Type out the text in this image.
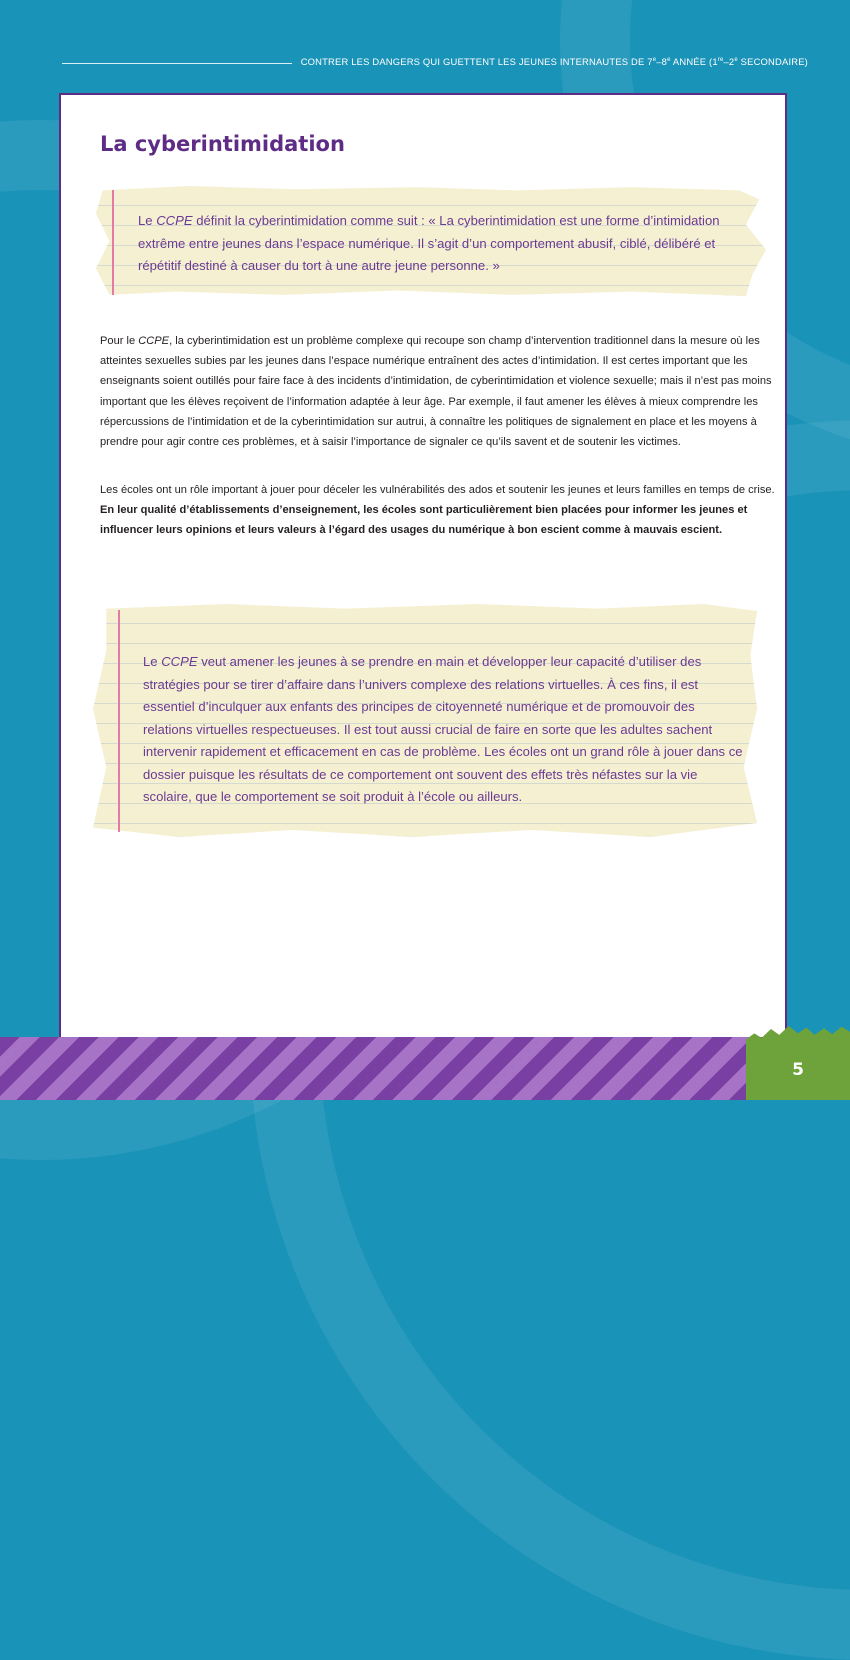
CONTRER LES DANGERS QUI GUETTENT LES JEUNES INTERNAUTES DE 7e–8e ANNÉE (1re–2e SECONDAIRE)
La cyberintimidation

Le CCPE définit la cyberintimidation comme suit : « La cyberintimidation est une forme d’intimidation extrême entre jeunes dans l’espace numérique. Il s’agit d’un comportement abusif, ciblé, délibéré et répétitif destiné à causer du tort à une autre jeune personne. »

Pour le CCPE, la cyberintimidation est un problème complexe qui recoupe son champ d’intervention traditionnel dans la mesure où les atteintes sexuelles subies par les jeunes dans l’espace numérique entraînent des actes d’intimidation. Il est certes important que les enseignants soient outillés pour faire face à des incidents d’intimidation, de cyberintimidation et violence sexuelle; mais il n’est pas moins important que les élèves reçoivent de l’information adaptée à leur âge. Par exemple, il faut amener les élèves à mieux comprendre les répercussions de l’intimidation et de la cyberintimidation sur autrui, à connaître les politiques de signalement en place et les moyens à prendre pour agir contre ces problèmes, et à saisir l’importance de signaler ce qu’ils savent et de soutenir les victimes.

Les écoles ont un rôle important à jouer pour déceler les vulnérabilités des ados et soutenir les jeunes et leurs familles en temps de crise. En leur qualité d’établissements d’enseignement, les écoles sont particulièrement bien placées pour informer les jeunes et influencer leurs opinions et leurs valeurs à l’égard des usages du numérique à bon escient comme à mauvais escient.

Le CCPE veut amener les jeunes à se prendre en main et développer leur capacité d’utiliser des stratégies pour se tirer d’affaire dans l’univers complexe des relations virtuelles. À ces fins, il est essentiel d’inculquer aux enfants des principes de citoyenneté numérique et de promouvoir des relations virtuelles respectueuses. Il est tout aussi crucial de faire en sorte que les adultes sachent intervenir rapidement et efficacement en cas de problème. Les écoles ont un grand rôle à jouer dans ce dossier puisque les résultats de ce comportement ont souvent des effets très néfastes sur la vie scolaire, que le comportement se soit produit à l’école ou ailleurs.

5
